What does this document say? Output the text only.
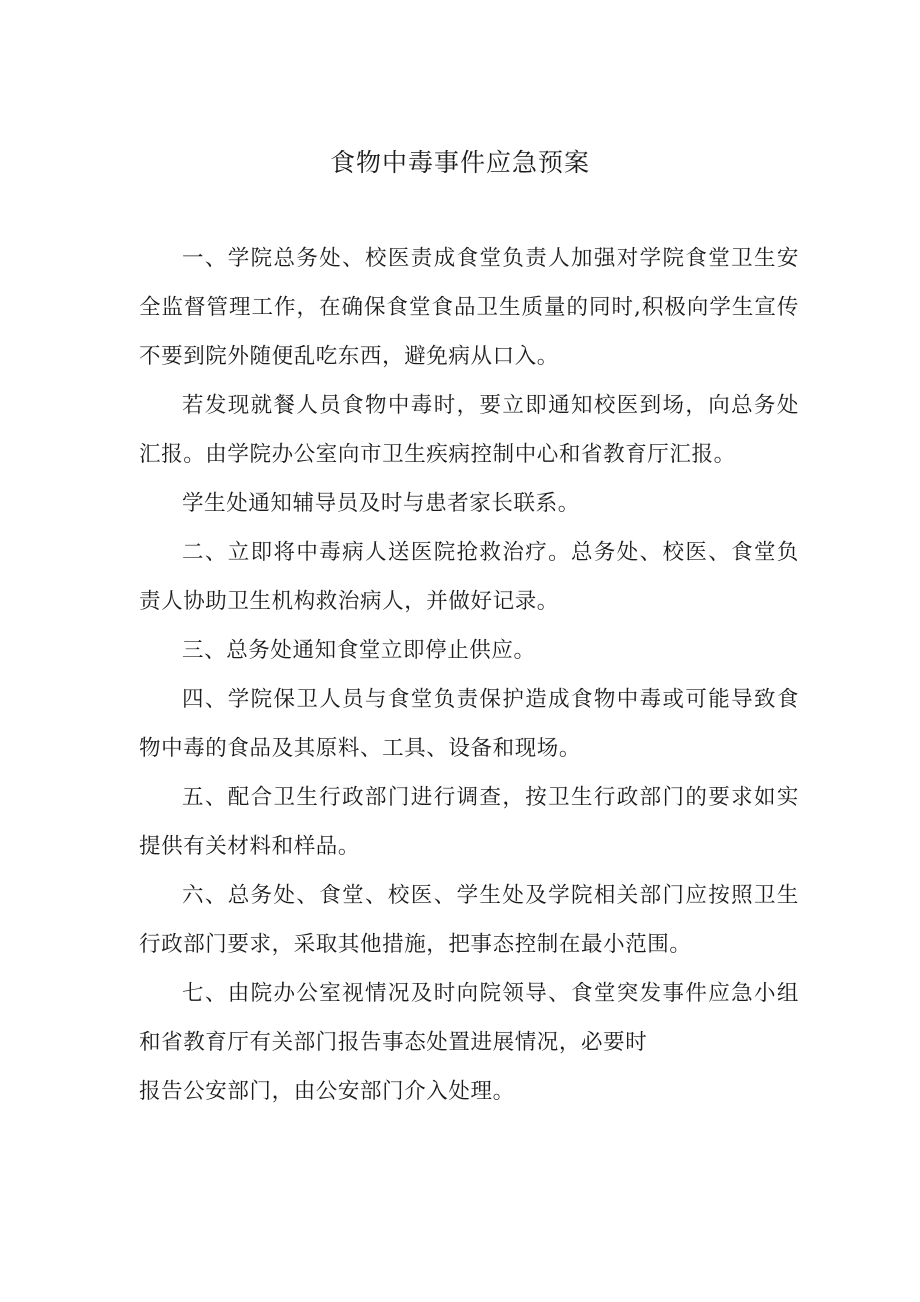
食物中毒事件应急预案

一、学院总务处、校医责成食堂负责人加强对学院食堂卫生安全监督管理工作，在确保食堂食品卫生质量的同时,积极向学生宣传不要到院外随便乱吃东西，避免病从口入。

若发现就餐人员食物中毒时，要立即通知校医到场，向总务处汇报。由学院办公室向市卫生疾病控制中心和省教育厅汇报。

学生处通知辅导员及时与患者家长联系。

二、立即将中毒病人送医院抢救治疗。总务处、校医、食堂负责人协助卫生机构救治病人，并做好记录。

三、总务处通知食堂立即停止供应。

四、学院保卫人员与食堂负责保护造成食物中毒或可能导致食物中毒的食品及其原料、工具、设备和现场。

五、配合卫生行政部门进行调查，按卫生行政部门的要求如实提供有关材料和样品。

六、总务处、食堂、校医、学生处及学院相关部门应按照卫生行政部门要求，采取其他措施，把事态控制在最小范围。

七、由院办公室视情况及时向院领导、食堂突发事件应急小组和省教育厅有关部门报告事态处置进展情况，必要时
报告公安部门，由公安部门介入处理。
